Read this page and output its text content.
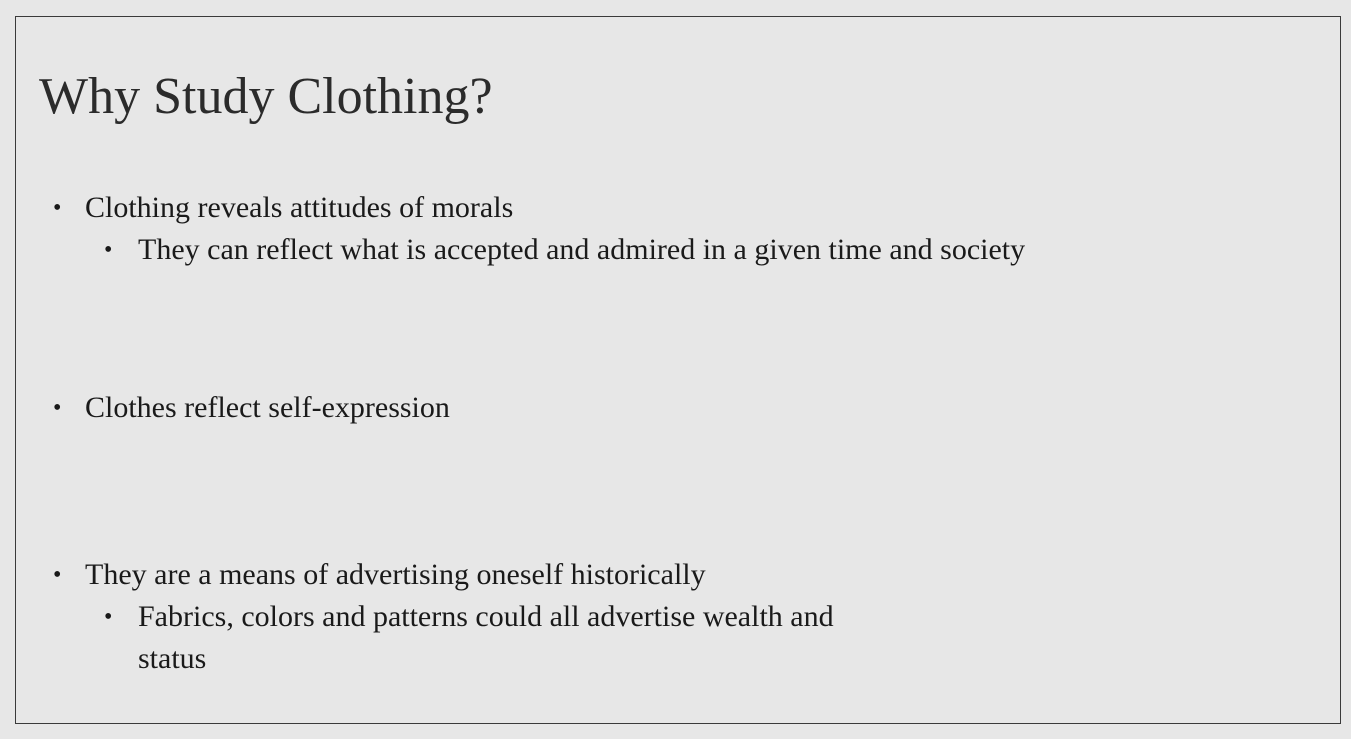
Why Study Clothing?
• Clothing reveals attitudes of morals
• They can reflect what is accepted and admired in a given time and society
• Clothes reflect self-expression
• They are a means of advertising oneself historically
• Fabrics, colors and patterns could all advertise wealth and status
